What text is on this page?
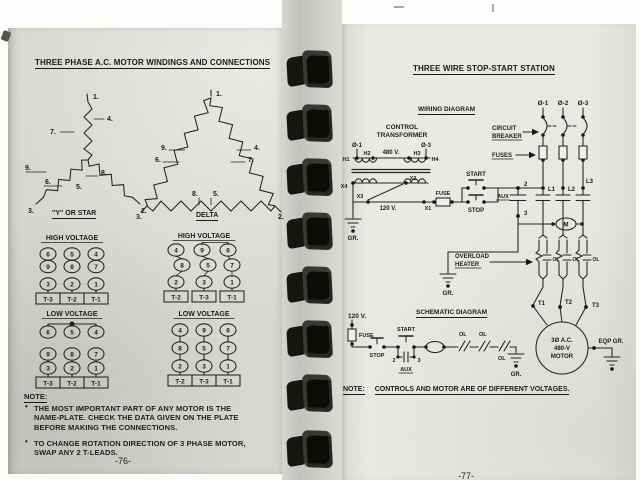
THREE PHASE A.C. MOTOR WINDINGS AND CONNECTIONS
1.
4.
7.
9.
6.
8.
5.
3.	2.
"Y" OR STAR
1.
9.
6.
4.
7.
8. 5.
3.	2.
DELTA
HIGH VOLTAGE
6	5	4
9	8	7
3	2	1
T-3 T-2 T-1
HIGH VOLTAGE
4	9	6
8	5	7
2	3	1
T-2	T-3	T-1
LOW VOLTAGE
6	5	4
9	8	7
3	2	1
T-3 T-2 T-1
LOW VOLTAGE
4	9	6
8	5	7
2	3	1
T-2 T-3 T-1
NOTE:
• THE MOST IMPORTANT PART OF ANY MOTOR IS THE NAME-PLATE. CHECK THE DATA GIVEN ON THE PLATE BEFORE MAKING THE CONNECTIONS.
• TO CHANGE ROTATION DIRECTION OF 3 PHASE MOTOR, SWAP ANY 2 T-LEADS.
-76-
THREE WIRE STOP-START STATION
WIRING DIAGRAM
SCHEMATIC DIAGRAM
Ø-1 Ø-2 Ø-3
CIRCUIT
BREAKER
FUSES
L1 L2
L3
CONTROL
TRANSFORMER
Ø-1	Ø-3
480 V.
H1
H2	H3
H4
X4
X3
X2
X1
120 V.
GR.
FUSE
START
STOP
AUX
2
3
GR.
M
OVERLOAD
HEATER
OL	OL	OL
T1	T2	T3
3Ø A.C.
480-V
MOTOR
EQP GR.
120 V.
FUSE
STOP
START
2	3
AUX
OL OL
OL
GR.
NOTE: CONTROLS AND MOTOR ARE OF DIFFERENT VOLTAGES.
-77-
